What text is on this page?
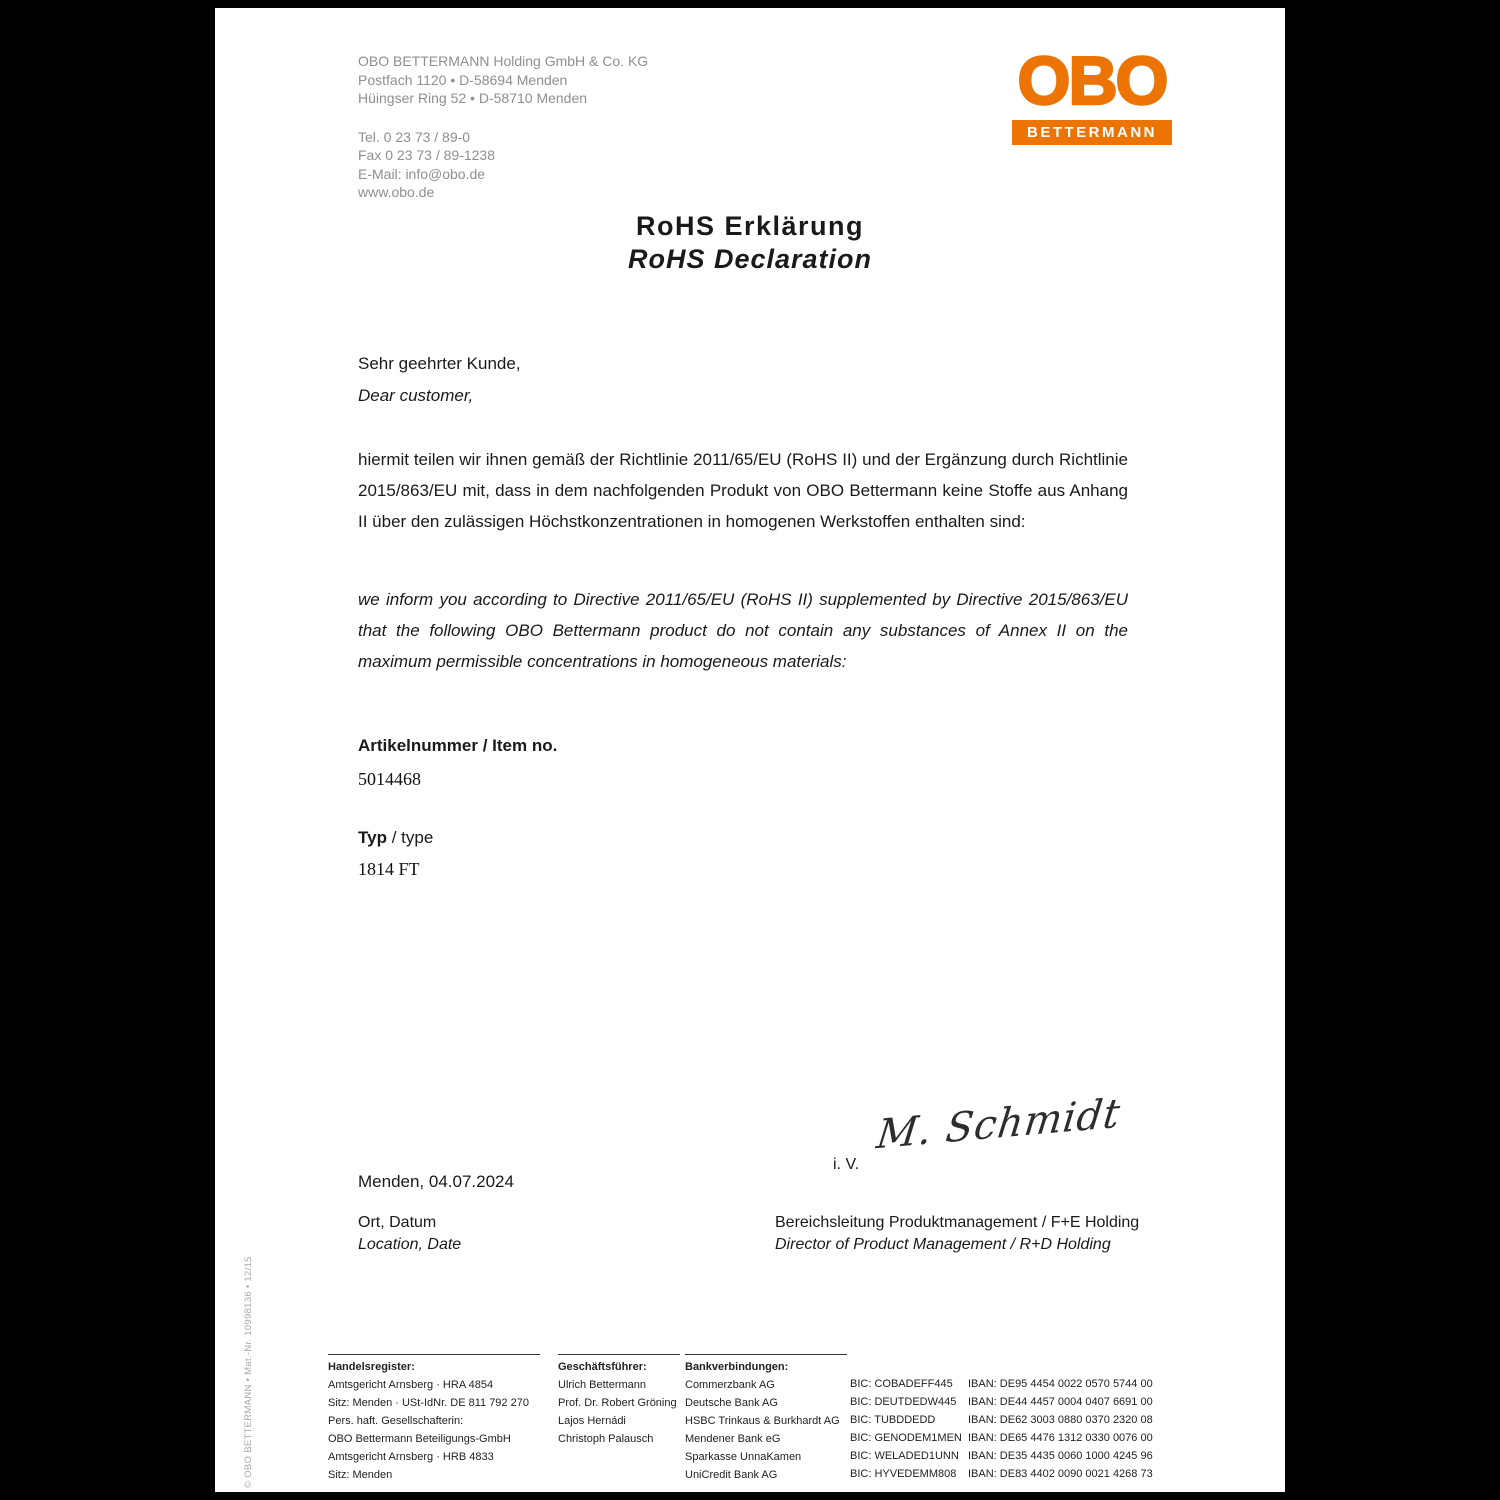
OBO BETTERMANN Holding GmbH & Co. KG
Postfach 1120 • D-58694 Menden
Hüingser Ring 52 • D-58710 Menden
Tel. 0 23 73 / 89-0
Fax 0 23 73 / 89-1238
E-Mail: info@obo.de
www.obo.de
OBO
BETTERMANN
RoHS Erklärung
RoHS Declaration
Sehr geehrter Kunde,
Dear customer,
hiermit teilen wir ihnen gemäß der Richtlinie 2011/65/EU (RoHS II) und der Ergänzung durch Richtlinie 2015/863/EU mit, dass in dem nachfolgenden Produkt von OBO Bettermann keine Stoffe aus Anhang II über den zulässigen Höchstkonzentrationen in homogenen Werkstoffen enthalten sind:
we inform you according to Directive 2011/65/EU (RoHS II) supplemented by Directive 2015/863/EU that the following OBO Bettermann product do not contain any substances of Annex II on the maximum permissible concentrations in homogeneous materials:
Artikelnummer / Item no.
5014468
Typ / type
1814 FT
i. V.
M. Schmidt
Menden, 04.07.2024
Ort, Datum
Location, Date
Bereichsleitung Produktmanagement / F+E Holding
Director of Product Management / R+D Holding
© OBO BETTERMANN • Mat.-Nr. 10998136 • 12/15	Handelsregister:
Amtsgericht Arnsberg · HRA 4854
Sitz: Menden · USt-IdNr. DE 811 792 270
Pers. haft. Gesellschafterin:
OBO Bettermann Beteiligungs-GmbH
Amtsgericht Arnsberg · HRB 4833
Sitz: Menden
Geschäftsführer:
Ulrich Bettermann
Prof. Dr. Robert Gröning
Lajos Hernádi
Christoph Palausch
Bankverbindungen:
Commerzbank AG
Deutsche Bank AG
HSBC Trinkaus & Burkhardt AG
Mendener Bank eG
Sparkasse UnnaKamen
UniCredit Bank AG
BIC: COBADEFF445
BIC: DEUTDEDW445
BIC: TUBDDEDD
BIC: GENODEM1MEN
BIC: WELADED1UNN
BIC: HYVEDEMM808
IBAN: DE95 4454 0022 0570 5744 00
IBAN: DE44 4457 0004 0407 6691 00
IBAN: DE62 3003 0880 0370 2320 08
IBAN: DE65 4476 1312 0330 0076 00
IBAN: DE35 4435 0060 1000 4245 96
IBAN: DE83 4402 0090 0021 4268 73
